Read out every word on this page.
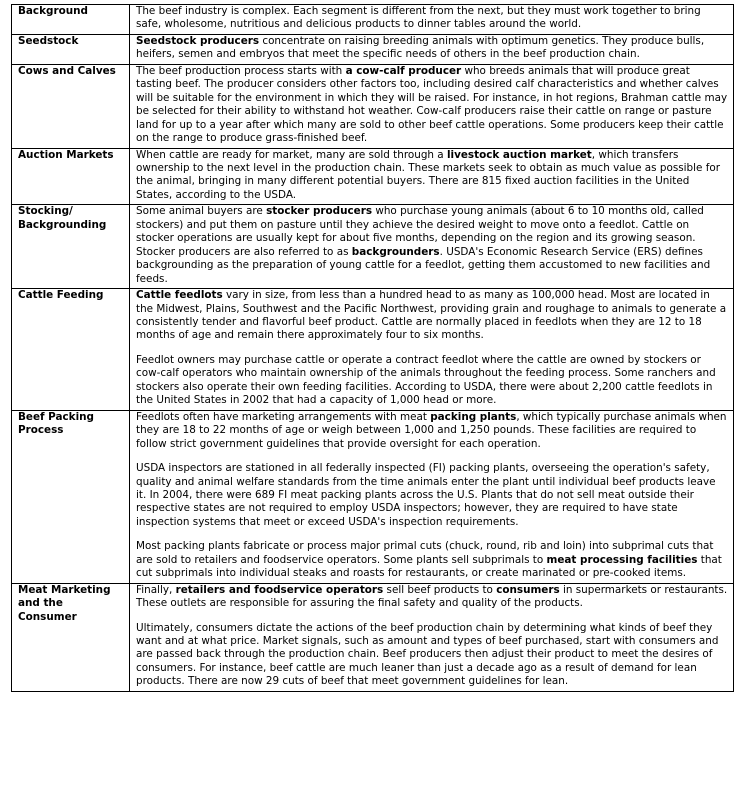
Background	The beef industry is complex. Each segment is different from the next, but they must work together to bring safe, wholesome, nutritious and delicious products to dinner tables around the world.

Seedstock	Seedstock producers concentrate on raising breeding animals with optimum genetics. They produce bulls, heifers, semen and embryos that meet the specific needs of others in the beef production chain.

Cows and Calves	The beef production process starts with a cow-calf producer who breeds animals that will produce great tasting beef. The producer considers other factors too, including desired calf characteristics and whether calves will be suitable for the environment in which they will be raised. For instance, in hot regions, Brahman cattle may be selected for their ability to withstand hot weather. Cow-calf producers raise their cattle on range or pasture land for up to a year after which many are sold to other beef cattle operations. Some producers keep their cattle on the range to produce grass-finished beef.

Auction Markets	When cattle are ready for market, many are sold through a livestock auction market, which transfers ownership to the next level in the production chain. These markets seek to obtain as much value as possible for the animal, bringing in many different potential buyers. There are 815 fixed auction facilities in the United States, according to the USDA.

Stocking/ Backgrounding	Some animal buyers are stocker producers who purchase young animals (about 6 to 10 months old, called stockers) and put them on pasture until they achieve the desired weight to move onto a feedlot. Cattle on stocker operations are usually kept for about five months, depending on the region and its growing season. Stocker producers are also referred to as backgrounders. USDA's Economic Research Service (ERS) defines backgrounding as the preparation of young cattle for a feedlot, getting them accustomed to new facilities and feeds.

Cattle Feeding	Cattle feedlots vary in size, from less than a hundred head to as many as 100,000 head. Most are located in the Midwest, Plains, Southwest and the Pacific Northwest, providing grain and roughage to animals to generate a consistently tender and flavorful beef product. Cattle are normally placed in feedlots when they are 12 to 18 months of age and remain there approximately four to six months.

Feedlot owners may purchase cattle or operate a contract feedlot where the cattle are owned by stockers or cow-calf operators who maintain ownership of the animals throughout the feeding process. Some ranchers and stockers also operate their own feeding facilities. According to USDA, there were about 2,200 cattle feedlots in the United States in 2002 that had a capacity of 1,000 head or more.

Beef Packing Process	Feedlots often have marketing arrangements with meat packing plants, which typically purchase animals when they are 18 to 22 months of age or weigh between 1,000 and 1,250 pounds. These facilities are required to follow strict government guidelines that provide oversight for each operation.

USDA inspectors are stationed in all federally inspected (FI) packing plants, overseeing the operation's safety, quality and animal welfare standards from the time animals enter the plant until individual beef products leave it. In 2004, there were 689 FI meat packing plants across the U.S. Plants that do not sell meat outside their respective states are not required to employ USDA inspectors; however, they are required to have state inspection systems that meet or exceed USDA's inspection requirements.

Most packing plants fabricate or process major primal cuts (chuck, round, rib and loin) into subprimal cuts that are sold to retailers and foodservice operators. Some plants sell subprimals to meat processing facilities that cut subprimals into individual steaks and roasts for restaurants, or create marinated or pre-cooked items.

Meat Marketing and the Consumer	Finally, retailers and foodservice operators sell beef products to consumers in supermarkets or restaurants. These outlets are responsible for assuring the final safety and quality of the products.

Ultimately, consumers dictate the actions of the beef production chain by determining what kinds of beef they want and at what price. Market signals, such as amount and types of beef purchased, start with consumers and are passed back through the production chain. Beef producers then adjust their product to meet the desires of consumers. For instance, beef cattle are much leaner than just a decade ago as a result of demand for lean products. There are now 29 cuts of beef that meet government guidelines for lean.
